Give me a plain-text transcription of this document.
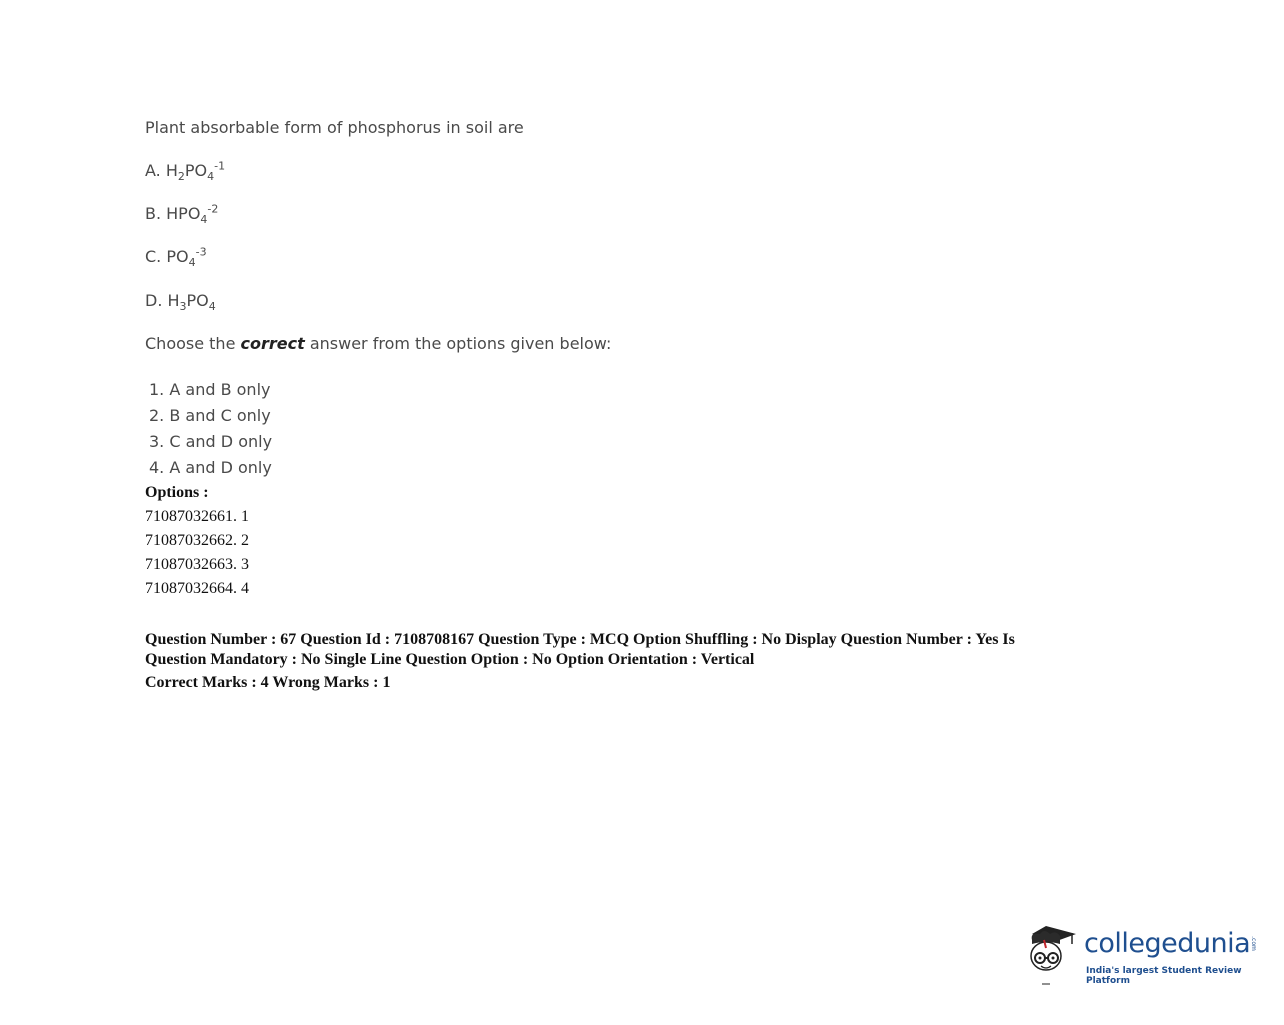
Plant absorbable form of phosphorus in soil are
A. $H_2PO_4^{-1}$
B. $HPO_4^{-2}$
C. $PO_4^{-3}$
D. $H_3PO_4$
Choose the correct answer from the options given below:
1. A and B only
2. B and C only
3. C and D only
4. A and D only
Options :
71087032661. 1
71087032662. 2
71087032663. 3
71087032664. 4
Question Number : 67 Question Id : 7108708167 Question Type : MCQ Option Shuffling : No Display Question Number : Yes Is
Question Mandatory : No Single Line Question Option : No Option Orientation : Vertical
Correct Marks : 4 Wrong Marks : 1
collegedunia .com
India's largest Student Review Platform
